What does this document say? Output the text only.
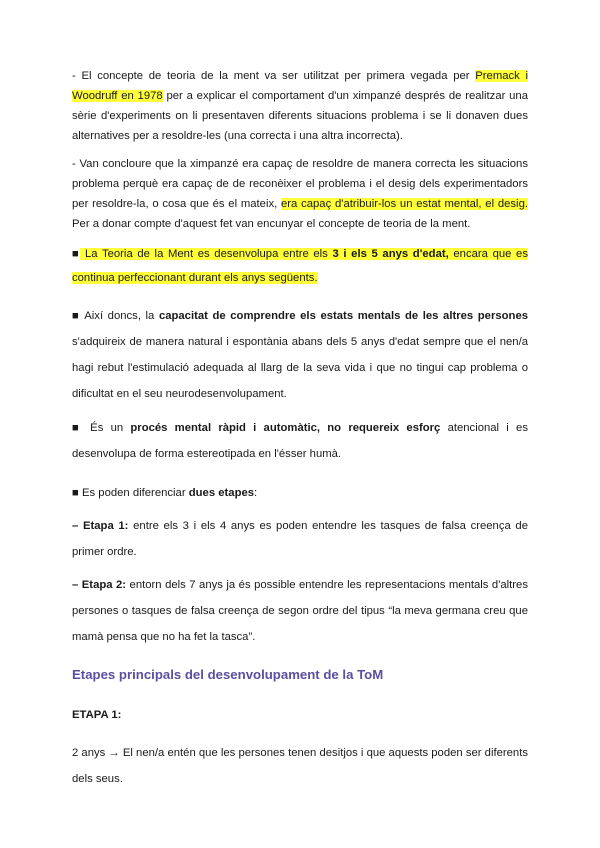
- El concepte de teoria de la ment va ser utilitzat per primera vegada per Premack i Woodruff en 1978 per a explicar el comportament d'un ximpanzé després de realitzar una sèrie d'experiments on li presentaven diferents situacions problema i se li donaven dues alternatives per a resoldre-les (una correcta i una altra incorrecta).

- Van concloure que la ximpanzé era capaç de resoldre de manera correcta les situacions problema perquè era capaç de de reconèixer el problema i el desig dels experimentadors per resoldre-la, o cosa que és el mateix, era capaç d'atribuir-los un estat mental, el desig. Per a donar compte d'aquest fet van encunyar el concepte de teoria de la ment.

■ La Teoria de la Ment es desenvolupa entre els 3 i els 5 anys d'edat, encara que es continua perfeccionant durant els anys següents.

■ Així doncs, la capacitat de comprendre els estats mentals de les altres persones s'adquireix de manera natural i espontània abans dels 5 anys d'edat sempre que el nen/a hagi rebut l'estimulació adequada al llarg de la seva vida i que no tingui cap problema o dificultat en el seu neurodesenvolupament.

■ És un procés mental ràpid i automàtic, no requereix esforç atencional i es desenvolupa de forma estereotipada en l'ésser humà.

■ Es poden diferenciar dues etapes:

– Etapa 1: entre els 3 i els 4 anys es poden entendre les tasques de falsa creença de primer ordre.

– Etapa 2: entorn dels 7 anys ja és possible entendre les representacions mentals d'altres persones o tasques de falsa creença de segon ordre del tipus “la meva germana creu que mamà pensa que no ha fet la tasca”.

Etapes principals del desenvolupament de la ToM
ETAPA 1:

2 anys → El nen/a entén que les persones tenen desitjos i que aquests poden ser diferents dels seus.
